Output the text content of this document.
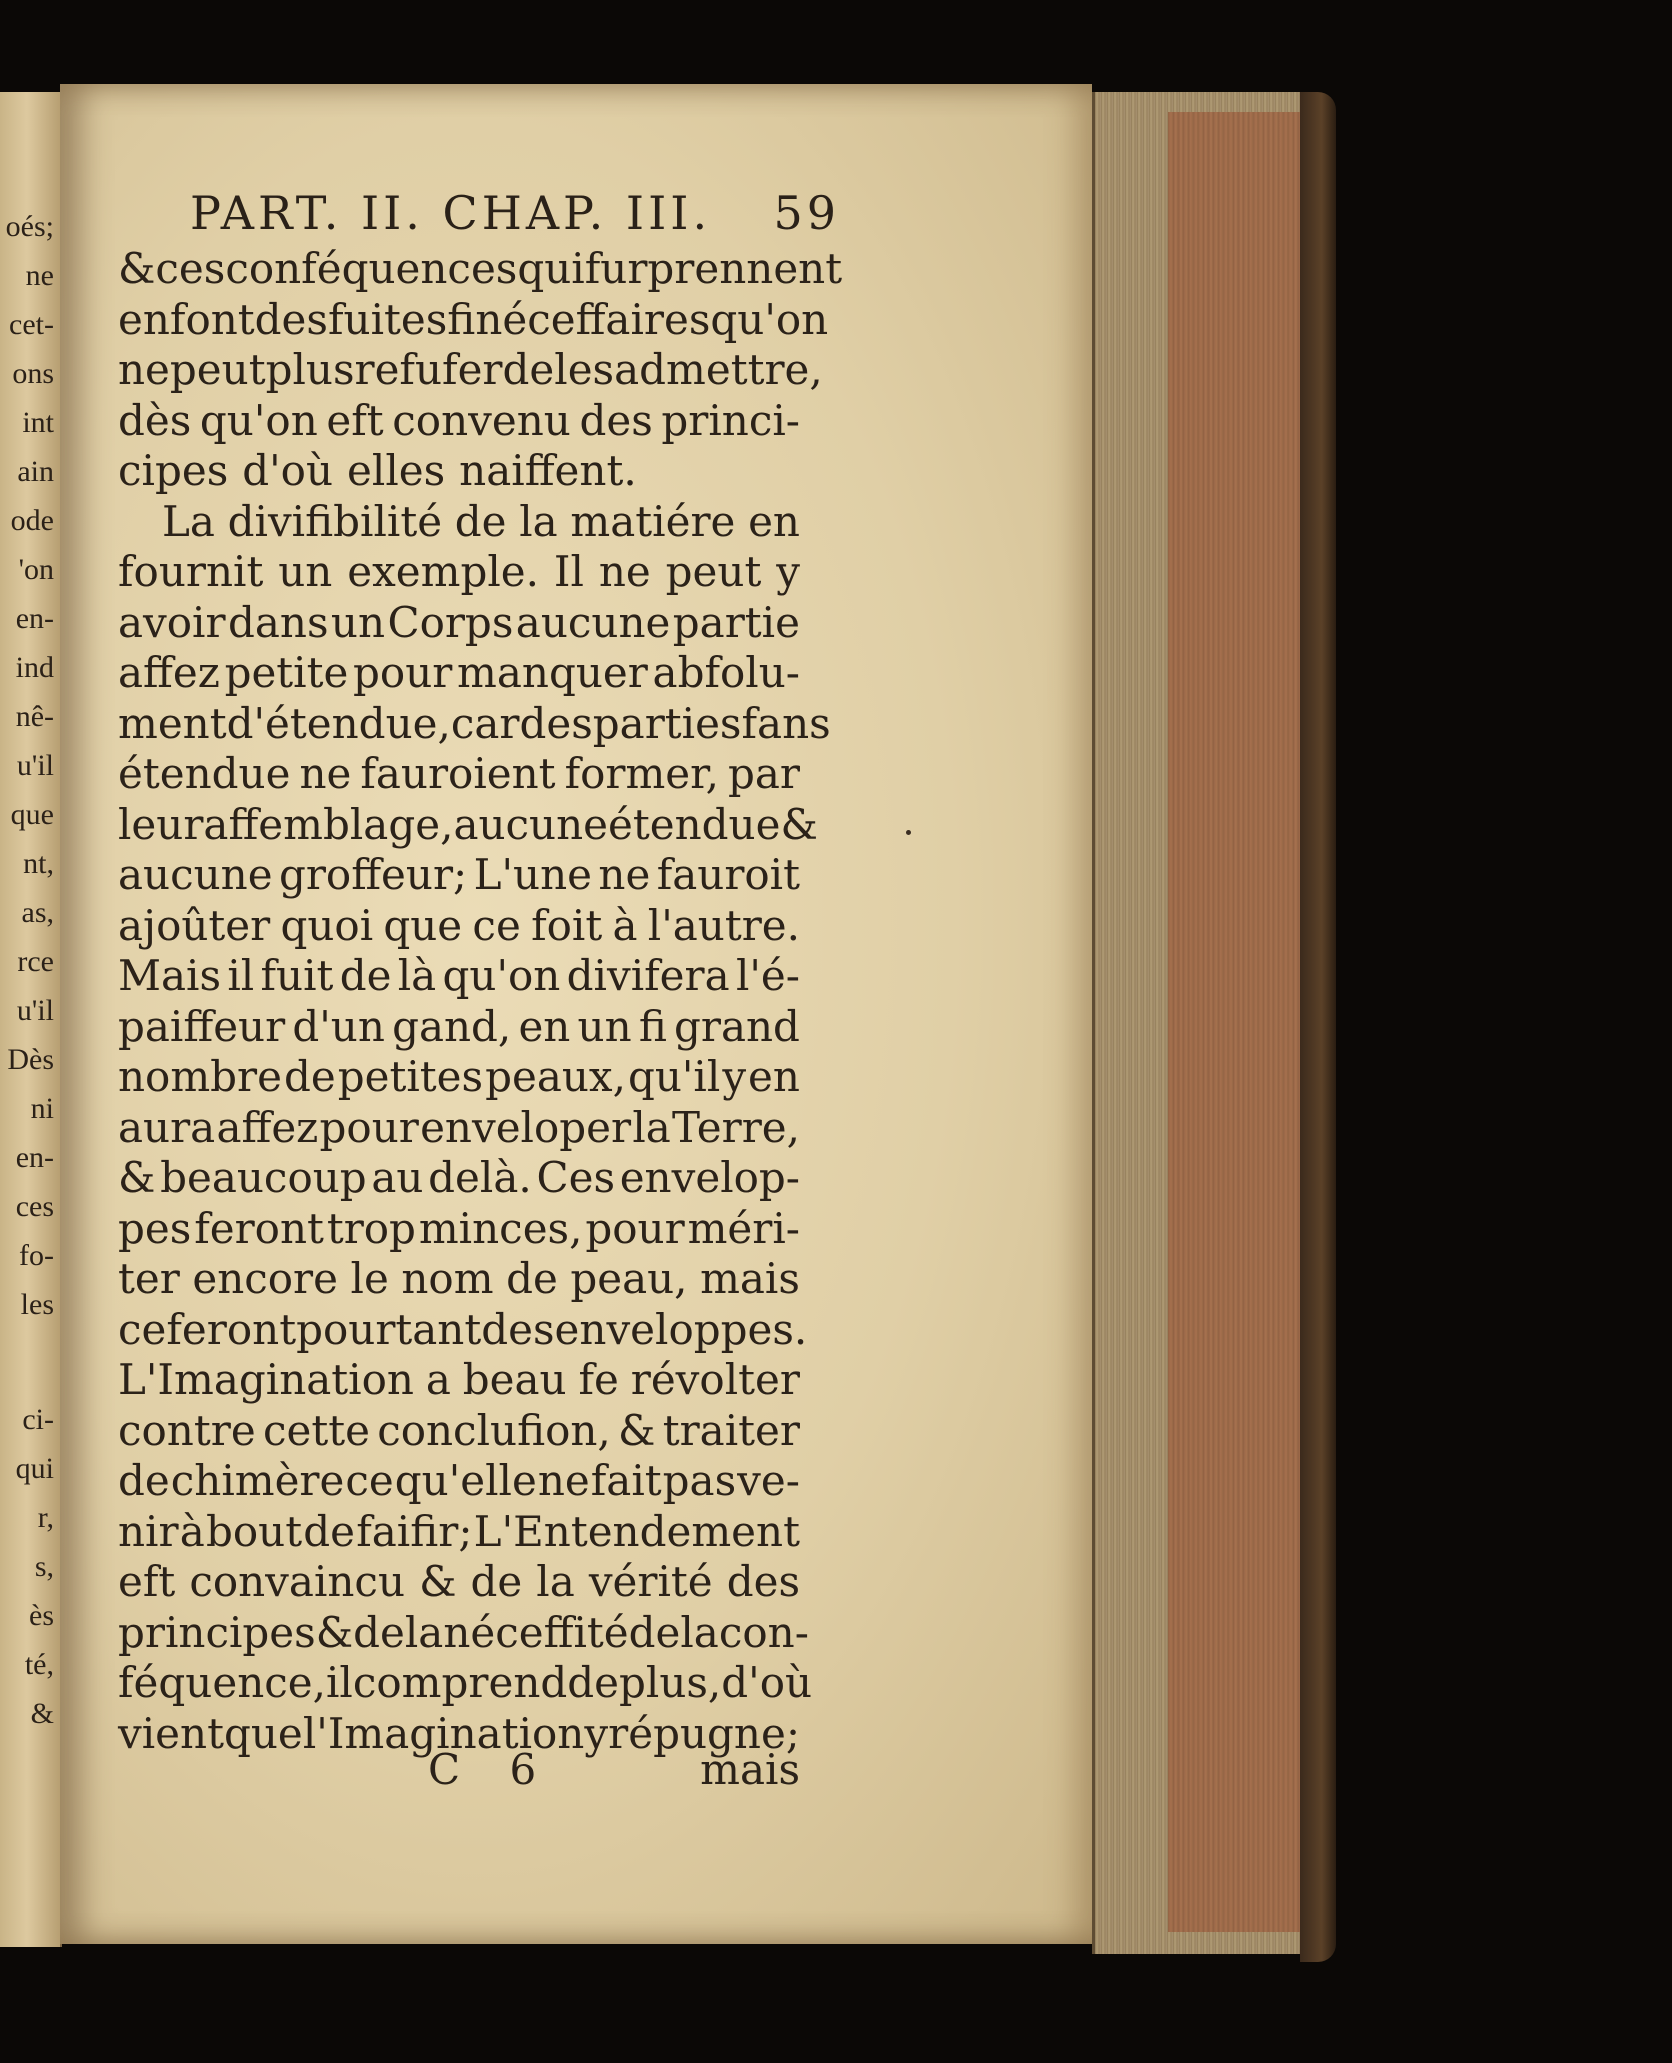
oés;
ne
cet-
ons
int
ain
ode
'on
en-
ind
nê-
u'il
que
nt,
as,
rce
u'il
Dès
ni
en-
ces
fo-
les
ci-
qui
r,
s,
ès
té,
&
PART. II. CHAP. III. 59
& ces conféquences qui furprennent
en font des fuites fi néceffaires qu'on
ne peut plus refufer de les admettre,
dès qu'on eft convenu des princi-
cipes d'où elles naiffent.
La divifibilité de la matiére en
fournit un exemple. Il ne peut y
avoir dans un Corps aucune partie
affez petite pour manquer abfolu-
ment d'étendue, car des parties fans
étendue ne fauroient former, par
leur affemblage, aucune étendue &
aucune groffeur; L'une ne fauroit
ajoûter quoi que ce foit à l'autre.
Mais il fuit de là qu'on divifera l'é-
paiffeur d'un gand, en un fi grand
nombre de petites peaux, qu'il y en
aura affez pour enveloper la Terre,
& beaucoup au delà. Ces envelop-
pes feront trop minces, pour méri-
ter encore le nom de peau, mais
ce feront pourtant des enveloppes.
L'Imagination a beau fe révolter
contre cette conclufion, & traiter
de chimère ce qu'elle ne fait pas ve-
nir à bout de faifir; L'Entendement
eft convaincu & de la vérité des
principes & de la néceffité de la con-
féquence, il comprend de plus, d'où
vient que l'Imagination y répugne;
C 6	mais
